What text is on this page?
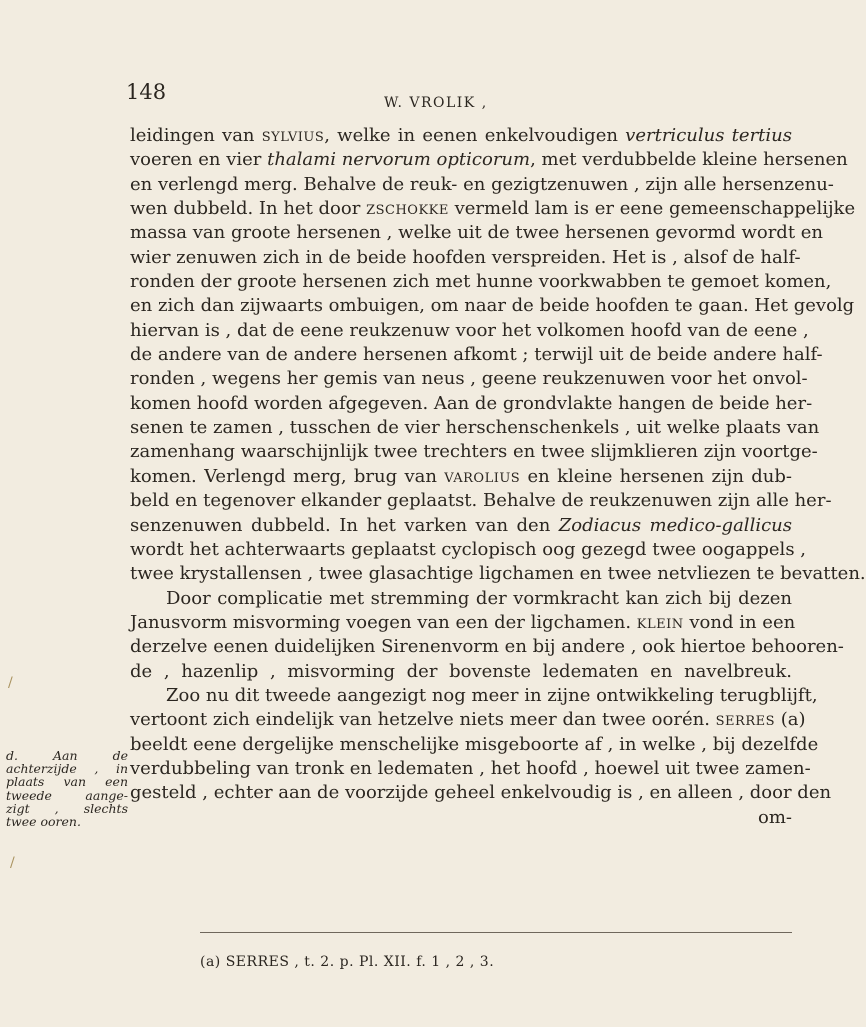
148	W. VROLIK ,
leidingen van sylvius, welke in eenen enkelvoudigen vertriculus tertius
voeren en vier thalami nervorum opticorum, met verdubbelde kleine hersenen
en verlengd merg. Behalve de reuk- en gezigtzenuwen , zijn alle hersenzenu-
wen dubbeld. In het door zschokke vermeld lam is er eene gemeenschappelijke
massa van groote hersenen , welke uit de twee hersenen gevormd wordt en
wier zenuwen zich in de beide hoofden verspreiden. Het is , alsof de half-
ronden der groote hersenen zich met hunne voorkwabben te gemoet komen,
en zich dan zijwaarts ombuigen, om naar de beide hoofden te gaan. Het gevolg
hiervan is , dat de eene reukzenuw voor het volkomen hoofd van de eene ,
de andere van de andere hersenen afkomt ; terwijl uit de beide andere half-
ronden , wegens her gemis van neus , geene reukzenuwen voor het onvol-
komen hoofd worden afgegeven. Aan de grondvlakte hangen de beide her-
senen te zamen , tusschen de vier herschenschenkels , uit welke plaats van
zamenhang waarschijnlijk twee trechters en twee slijmklieren zijn voortge-
komen. Verlengd merg, brug van varolius en kleine hersenen zijn dub-
beld en tegenover elkander geplaatst. Behalve de reukzenuwen zijn alle her-
senzenuwen dubbeld. In het varken van den Zodiacus medico-gallicus
wordt het achterwaarts geplaatst cyclopisch oog gezegd twee oogappels ,
twee krystallensen , twee glasachtige ligchamen en twee netvliezen te bevatten.
Door complicatie met stremming der vormkracht kan zich bij dezen
Janusvorm misvorming voegen van een der ligchamen. klein vond in een
derzelve eenen duidelijken Sirenenvorm en bij andere , ook hiertoe behooren-
de , hazenlip , misvorming der bovenste ledematen en navelbreuk.
Zoo nu dit tweede aangezigt nog meer in zijne ontwikkeling terugblijft,
vertoont zich eindelijk van hetzelve niets meer dan twee oorén. serres (a)
beeldt eene dergelijke menschelijke misgeboorte af , in welke , bij dezelfde
verdubbeling van tronk en ledematen , het hoofd , hoewel uit twee zamen-
gesteld , echter aan de voorzijde geheel enkelvoudig is , en alleen , door den
om-
d. Aan de
achterzijde , in
plaats van een
tweede aange-
zigt , slechts
twee ooren.
/
/
(a) SERRES , t. 2. p. Pl. XII. f. 1 , 2 , 3.
